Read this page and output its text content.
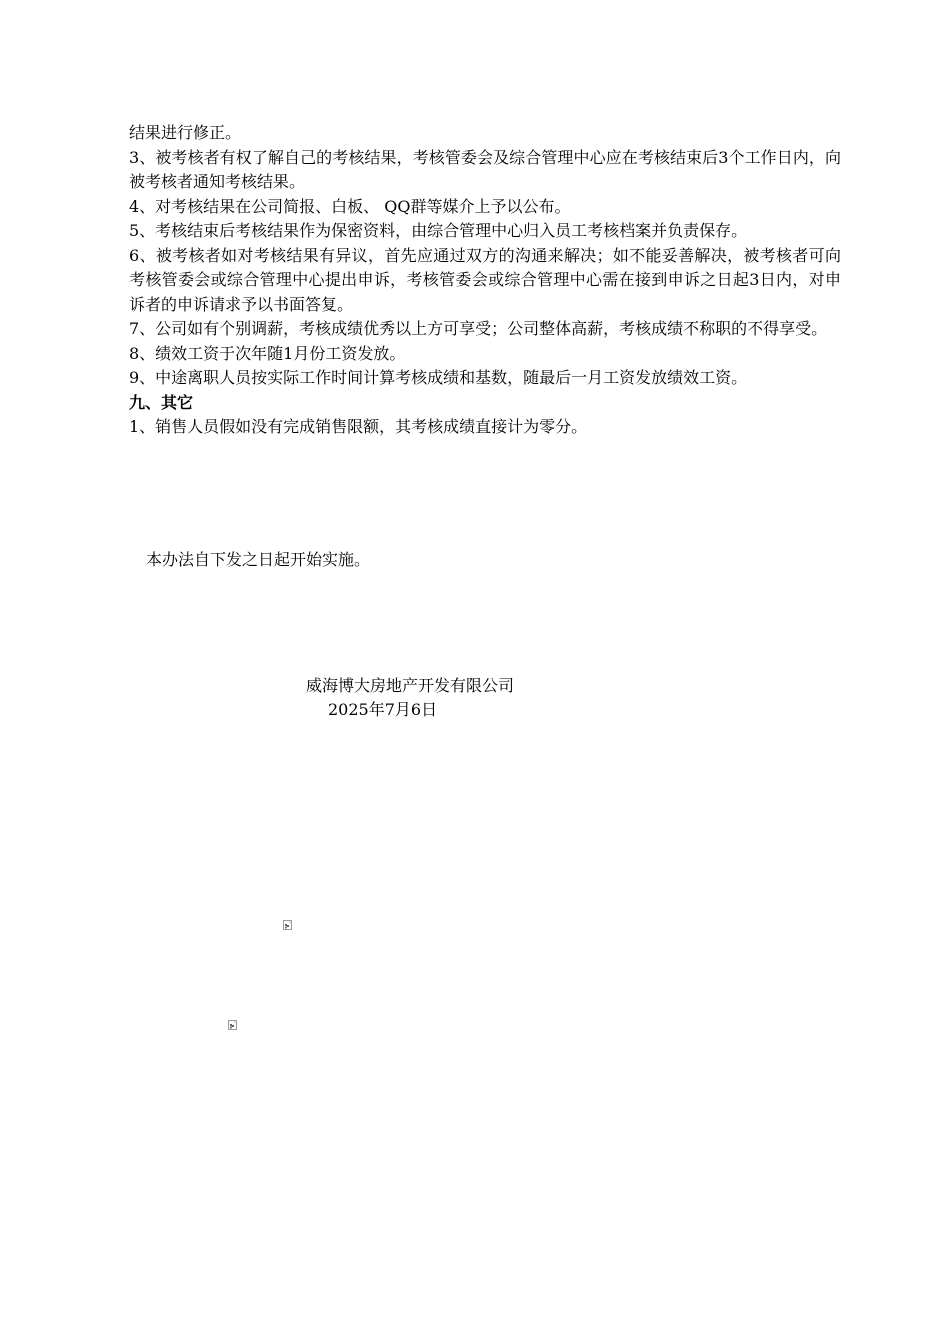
结果进行修正。

3、被考核者有权了解自己的考核结果，考核管委会及综合管理中心应在考核结束后3个工作日内，向被考核者通知考核结果。

4、对考核结果在公司简报、白板、 QQ群等媒介上予以公布。

5、考核结束后考核结果作为保密资料，由综合管理中心归入员工考核档案并负责保存。

6、被考核者如对考核结果有异议，首先应通过双方的沟通来解决；如不能妥善解决，被考核者可向考核管委会或综合管理中心提出申诉，考核管委会或综合管理中心需在接到申诉之日起3日内，对申诉者的申诉请求予以书面答复。

7、公司如有个别调薪，考核成绩优秀以上方可享受；公司整体高薪，考核成绩不称职的不得享受。

8、绩效工资于次年随1月份工资发放。

9、中途离职人员按实际工作时间计算考核成绩和基数，随最后一月工资发放绩效工资。

九、其它

1、销售人员假如没有完成销售限额，其考核成绩直接计为零分。

本办法自下发之日起开始实施。
威海博大房地产开发有限公司
2025年7月6日
